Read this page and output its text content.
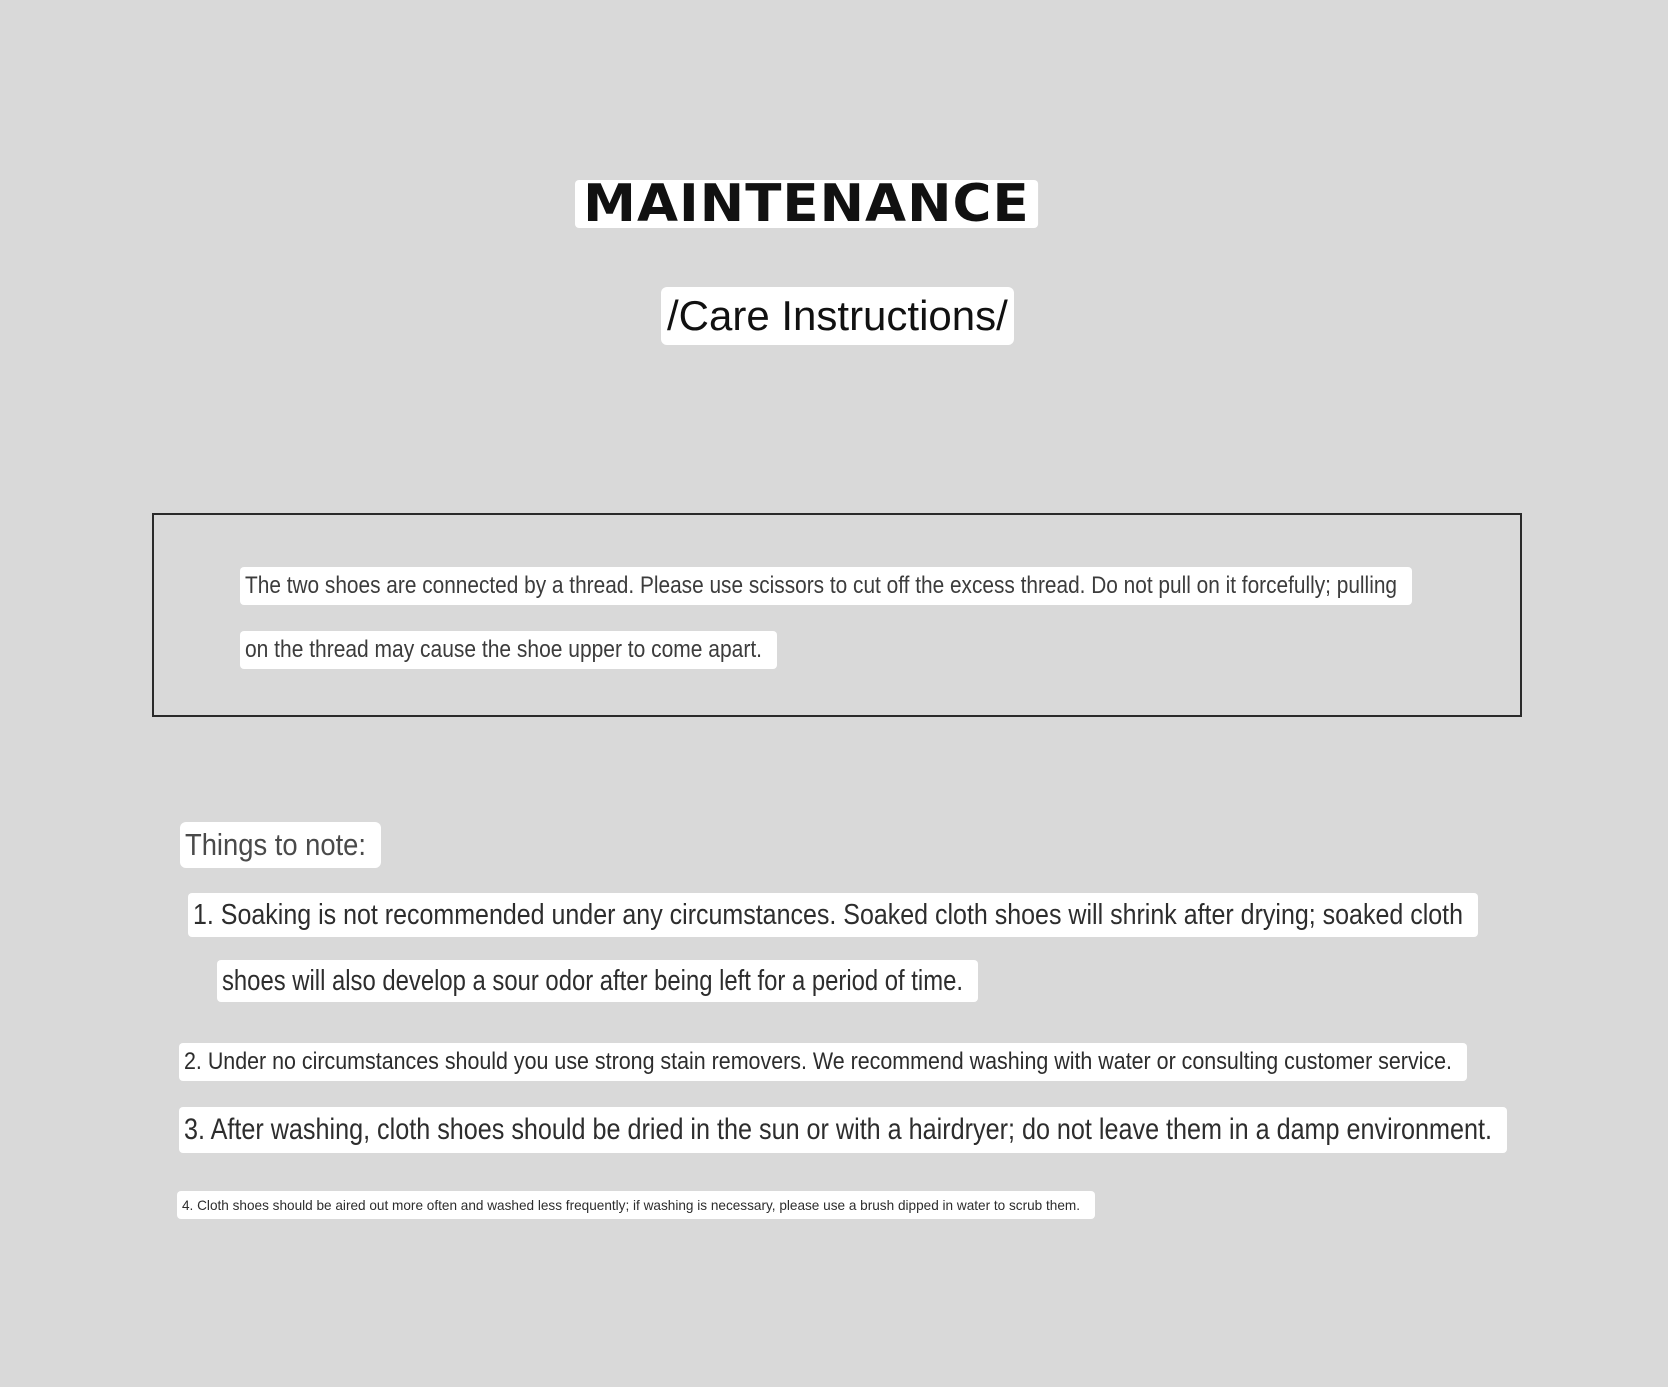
MAINTENANCE
/Care Instructions/
The two shoes are connected by a thread. Please use scissors to cut off the excess thread. Do not pull on it forcefully; pulling
on the thread may cause the shoe upper to come apart.
Things to note:
1. Soaking is not recommended under any circumstances. Soaked cloth shoes will shrink after drying; soaked cloth
shoes will also develop a sour odor after being left for a period of time.
2. Under no circumstances should you use strong stain removers. We recommend washing with water or consulting customer service.
3. After washing, cloth shoes should be dried in the sun or with a hairdryer; do not leave them in a damp environment.
4. Cloth shoes should be aired out more often and washed less frequently; if washing is necessary, please use a brush dipped in water to scrub them.
